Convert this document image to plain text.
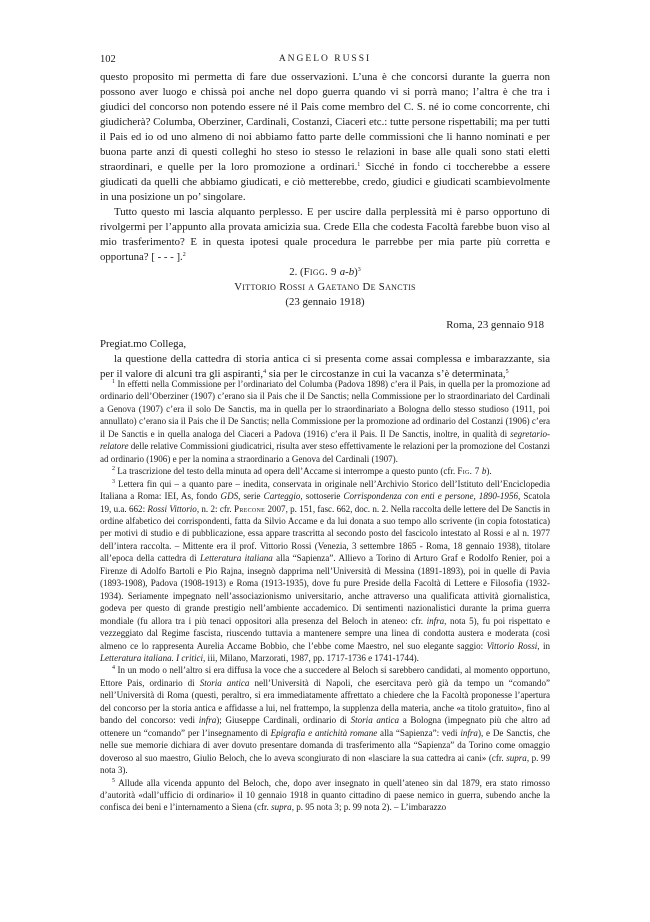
102	ANGELO RUSSI

questo proposito mi permetta di fare due osservazioni. L’una è che concorsi durante la guerra non possono aver luogo e chissà poi anche nel dopo guerra quando vi si porrà mano; l’altra è che tra i giudici del concorso non potendo essere né il Pais come membro del C. S. né io come concorrente, chi giudicherà? Columba, Oberziner, Cardinali, Costanzi, Ciaceri etc.: tutte persone rispettabili; ma per tutti il Pais ed io od uno almeno di noi abbiamo fatto parte delle commissioni che li hanno nominati e per buona parte anzi di questi colleghi ho steso io stesso le relazioni in base alle quali sono stati eletti straordinari, e quelle per la loro promozione a ordinari.$^1$ Sicché in fondo ci toccherebbe a essere giudicati da quelli che abbiamo giudicati, e ciò metterebbe, credo, giudici e giudicati scambievolmente in una posizione un po’ singolare.

Tutto questo mi lascia alquanto perplesso. E per uscire dalla perplessità mi è parso opportuno di rivolgermi per l’appunto alla provata amicizia sua. Crede Ella che codesta Facoltà farebbe buon viso al mio trasferimento? E in questa ipotesi quale procedura le parrebbe per mia parte più corretta e opportuna? [ - - - ].$^2$

2. (Figg. 9 a-b)$^3$

Vittorio Rossi a Gaetano De Sanctis

(23 gennaio 1918)

Roma, 23 gennaio 918

Pregiat.mo Collega,

la questione della cattedra di storia antica ci si presenta come assai complessa e imbarazzante, sia per il valore di alcuni tra gli aspiranti,$^4$ sia per le circostanze in cui la vacanza s’è determinata,$^5$

$^1$ In effetti nella Commissione per l’ordinariato del Columba (Padova 1898) c’era il Pais, in quella per la promozione ad ordinario dell’Oberziner (1907) c’erano sia il Pais che il De Sanctis; nella Commissione per lo straordinariato del Cardinali a Genova (1907) c’era il solo De Sanctis, ma in quella per lo straordinariato a Bologna dello stesso studioso (1911, poi annullato) c’erano sia il Pais che il De Sanctis; nella Commissione per la promozione ad ordinario del Costanzi (1906) c’era il De Sanctis e in quella analoga del Ciaceri a Padova (1916) c’era il Pais. Il De Sanctis, inoltre, in qualità di segretario-relatore delle relative Commissioni giudicatrici, risulta aver steso effettivamente le relazioni per la promozione del Costanzi ad ordinario (1906) e per la nomina a straordinario a Genova del Cardinali (1907).

$^2$ La trascrizione del testo della minuta ad opera dell’Accame si interrompe a questo punto (cfr. Fig. 7 b).

$^3$ Lettera fin qui – a quanto pare – inedita, conservata in originale nell’Archivio Storico dell’Istituto dell’Enciclopedia Italiana a Roma: IEI, As, fondo GDS, serie Carteggio, sottoserie Corrispondenza con enti e persone, 1890-1956, Scatola 19, u.a. 662: Rossi Vittorio, n. 2: cfr. Precone 2007, p. 151, fasc. 662, doc. n. 2. Nella raccolta delle lettere del De Sanctis in ordine alfabetico dei corrispondenti, fatta da Silvio Accame e da lui donata a suo tempo allo scrivente (in copia fotostatica) per motivi di studio e di pubblicazione, essa appare trascritta al secondo posto del fascicolo intestato al Rossi e al n. 1977 dell’intera raccolta. – Mittente era il prof. Vittorio Rossi (Venezia, 3 settembre 1865 - Roma, 18 gennaio 1938), titolare all’epoca della cattedra di Letteratura italiana alla “Sapienza”. Allievo a Torino di Arturo Graf e Rodolfo Renier, poi a Firenze di Adolfo Bartoli e Pio Rajna, insegnò dapprima nell’Università di Messina (1891-1893), poi in quelle di Pavia (1893-1908), Padova (1908-1913) e Roma (1913-1935), dove fu pure Preside della Facoltà di Lettere e Filosofia (1932-1934). Seriamente impegnato nell’associazionismo universitario, anche attraverso una qualificata attività giornalistica, godeva per questo di grande prestigio nell’ambiente accademico. Di sentimenti nazionalistici durante la prima guerra mondiale (fu allora tra i più tenaci oppositori alla presenza del Beloch in ateneo: cfr. infra, nota 5), fu poi rispettato e vezzeggiato dal Regime fascista, riuscendo tuttavia a mantenere sempre una linea di condotta austera e moderata (così almeno ce lo rappresenta Aurelia Accame Bobbio, che l’ebbe come Maestro, nel suo elegante saggio: Vittorio Rossi, in Letteratura italiana. I critici, iii, Milano, Marzorati, 1987, pp. 1717-1736 e 1741-1744).

$^4$ In un modo o nell’altro si era diffusa la voce che a succedere al Beloch si sarebbero candidati, al momento opportuno, Ettore Pais, ordinario di Storia antica nell’Università di Napoli, che esercitava però già da tempo un “comando” nell’Università di Roma (questi, peraltro, si era immediatamente affrettato a chiedere che la Facoltà proponesse l’apertura del concorso per la storia antica e affidasse a lui, nel frattempo, la supplenza della materia, anche «a titolo gratuito», fino al bando del concorso: vedi infra); Giuseppe Cardinali, ordinario di Storia antica a Bologna (impegnato più che altro ad ottenere un “comando” per l’insegnamento di Epigrafia e antichità romane alla “Sapienza”: vedi infra), e De Sanctis, che nelle sue memorie dichiara di aver dovuto presentare domanda di trasferimento alla “Sapienza” da Torino come omaggio doveroso al suo maestro, Giulio Beloch, che lo aveva scongiurato di non «lasciare la sua cattedra ai cani» (cfr. supra, p. 99 nota 3).

$^5$ Allude alla vicenda appunto del Beloch, che, dopo aver insegnato in quell’ateneo sin dal 1879, era stato rimosso d’autorità «dall’ufficio di ordinario» il 10 gennaio 1918 in quanto cittadino di paese nemico in guerra, subendo anche la confisca dei beni e l’internamento a Siena (cfr. supra, p. 95 nota 3; p. 99 nota 2). – L’imbarazzo
